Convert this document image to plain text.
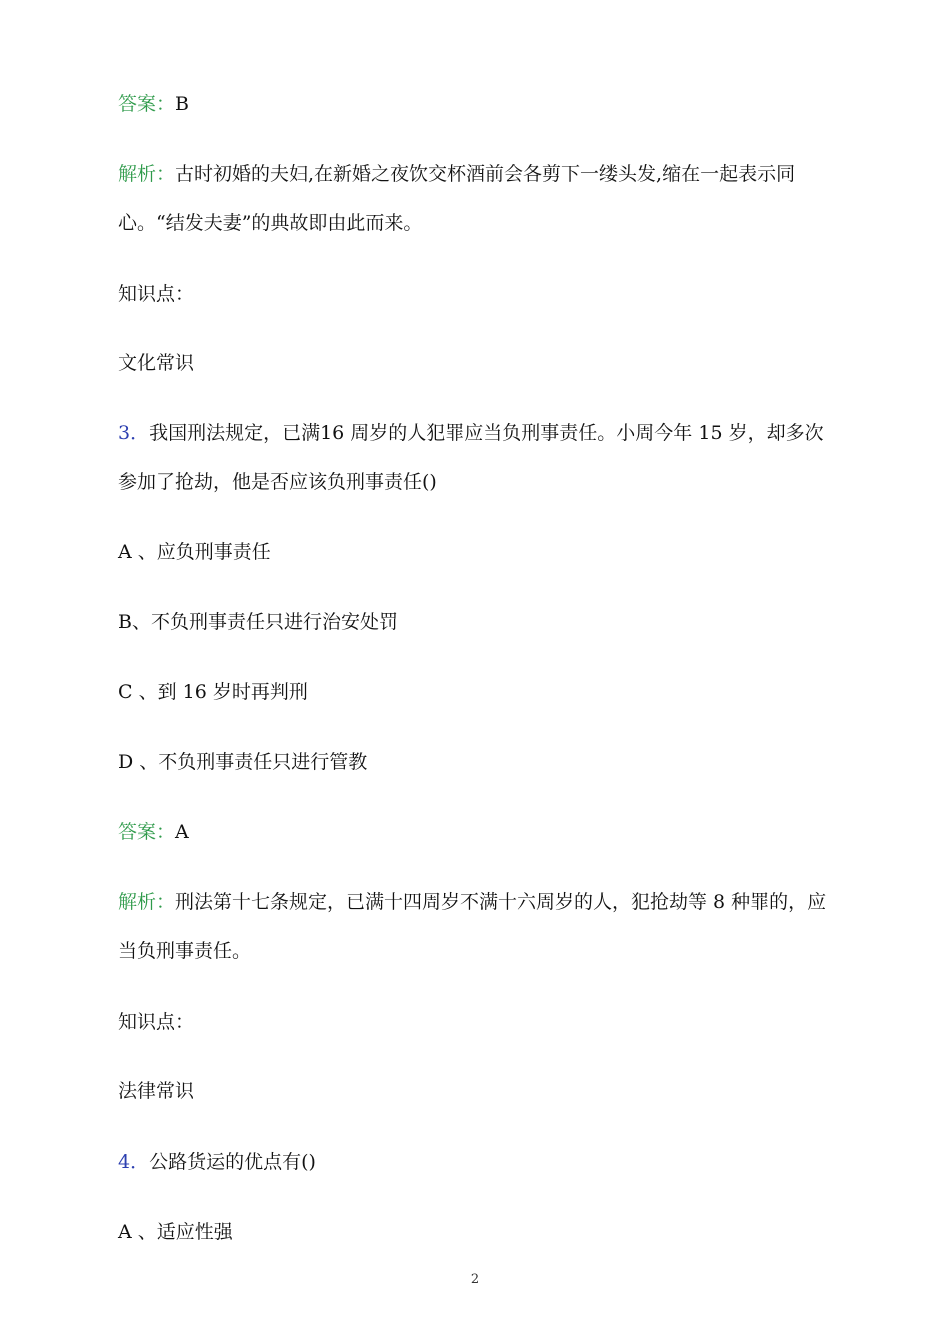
答案：B
解析：古时初婚的夫妇,在新婚之夜饮交杯酒前会各剪下一缕头发,缩在一起表示同
心。“结发夫妻”的典故即由此而来。
知识点：
文化常识
3．我国刑法规定，已满16 周岁的人犯罪应当负刑事责任。小周今年 15 岁，却多次
参加了抢劫，他是否应该负刑事责任()
A 、应负刑事责任
B、不负刑事责任只进行治安处罚
C 、到 16 岁时再判刑
D 、不负刑事责任只进行管教
答案：A
解析：刑法第十七条规定，已满十四周岁不满十六周岁的人，犯抢劫等 8 种罪的，应
当负刑事责任。
知识点：
法律常识
4．公路货运的优点有()
A 、适应性强
2
